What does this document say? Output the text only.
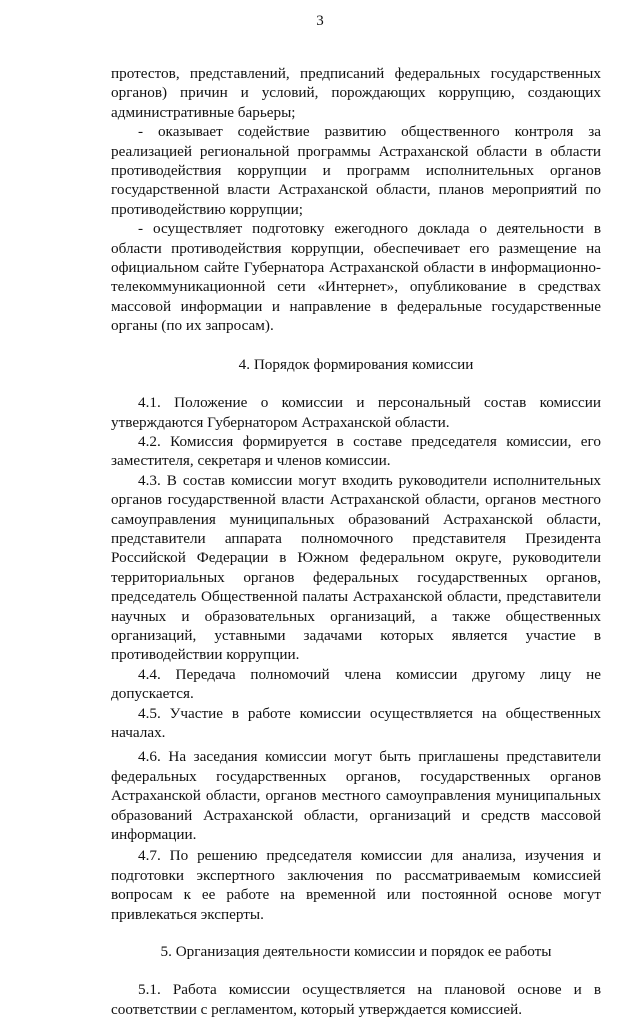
3

протестов, представлений, предписаний федеральных государственных органов) причин и условий, порождающих коррупцию, создающих административные барьеры;

- оказывает содействие развитию общественного контроля за реализацией региональной программы Астраханской области в области противодействия коррупции и программ исполнительных органов государственной власти Астраханской области, планов мероприятий по противодействию коррупции;

- осуществляет подготовку ежегодного доклада о деятельности в области противодействия коррупции, обеспечивает его размещение на официальном сайте Губернатора Астраханской области в информационно-телекоммуникационной сети «Интернет», опубликование в средствах массовой информации и направление в федеральные государственные органы (по их запросам).

4. Порядок формирования комиссии

4.1. Положение о комиссии и персональный состав комиссии утверждаются Губернатором Астраханской области.

4.2. Комиссия формируется в составе председателя комиссии, его заместителя, секретаря и членов комиссии.

4.3. В состав комиссии могут входить руководители исполнительных органов государственной власти Астраханской области, органов местного самоуправления муниципальных образований Астраханской области, представители аппарата полномочного представителя Президента Российской Федерации в Южном федеральном округе, руководители территориальных органов федеральных государственных органов, председатель Общественной палаты Астраханской области, представители научных и образовательных организаций, а также общественных организаций, уставными задачами которых является участие в противодействии коррупции.

4.4. Передача полномочий члена комиссии другому лицу не допускается.

4.5. Участие в работе комиссии осуществляется на общественных началах.

4.6. На заседания комиссии могут быть приглашены представители федеральных государственных органов, государственных органов Астраханской области, органов местного самоуправления муниципальных образований Астраханской области, организаций и средств массовой информации.

4.7. По решению председателя комиссии для анализа, изучения и подготовки экспертного заключения по рассматриваемым комиссией вопросам к ее работе на временной или постоянной основе могут привлекаться эксперты.

5. Организация деятельности комиссии и порядок ее работы

5.1. Работа комиссии осуществляется на плановой основе и в соответствии с регламентом, который утверждается комиссией.
